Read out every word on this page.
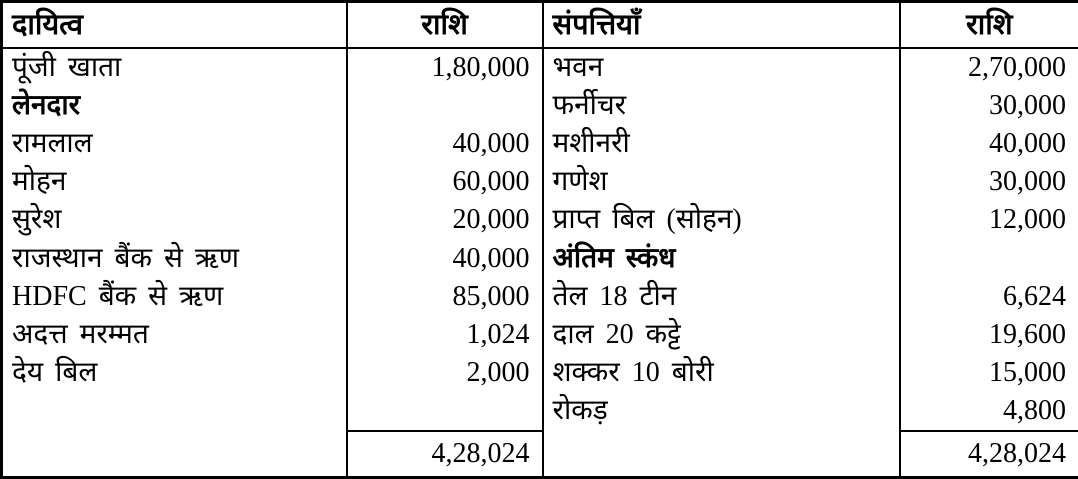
दायित्व	राशि	संपत्तियाँ	राशि
पूंजी खाता	1,80,000	भवन	2,70,000
लेनदार		फर्नीचर	30,000
रामलाल	40,000	मशीनरी	40,000
मोहन	60,000	गणेश	30,000
सुरेश	20,000	प्राप्त बिल (सोहन)	12,000
राजस्थान बैंक से ऋण	40,000	अंतिम स्कंध	
HDFC बैंक से ऋण	85,000	तेल 18 टीन	6,624
अदत्त मरम्मत	1,024	दाल 20 कट्टे	19,600
देय बिल	2,000	शक्कर 10 बोरी	15,000
		रोकड़	4,800
	4,28,024		4,28,024
